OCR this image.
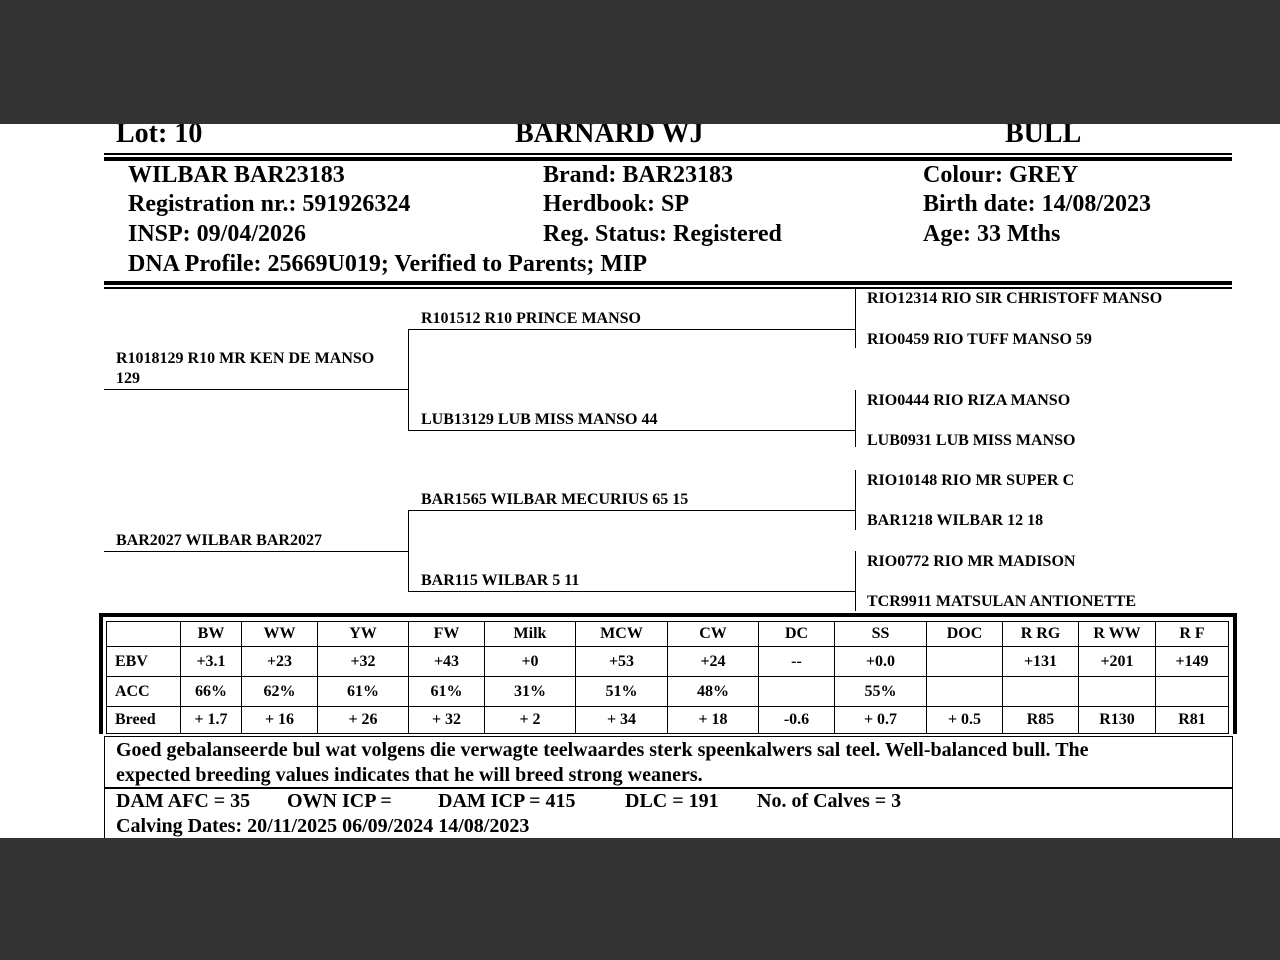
Lot: 10	BARNARD WJ	BULL
WILBAR BAR23183
Registration nr.: 591926324
INSP: 09/04/2026
DNA Profile: 25669U019; Verified to Parents; MIP
Brand: BAR23183
Herdbook: SP
Reg. Status: Registered
Colour: GREY
Birth date: 14/08/2023
Age: 33 Mths
R1018129 R10 MR KEN DE MANSO
129
BAR2027 WILBAR BAR2027
R101512 R10 PRINCE MANSO
LUB13129 LUB MISS MANSO 44
BAR1565 WILBAR MECURIUS 65 15
BAR115 WILBAR 5 11
RIO12314 RIO SIR CHRISTOFF MANSO
RIO0459 RIO TUFF MANSO 59
RIO0444 RIO RIZA MANSO
LUB0931 LUB MISS MANSO
RIO10148 RIO MR SUPER C
BAR1218 WILBAR 12 18
RIO0772 RIO MR MADISON
TCR9911 MATSULAN ANTIONETTE
	BW	WW	YW	FW	Milk	MCW	CW	DC	SS	DOC	R RG	R WW	R F
EBV	+3.1	+23	+32	+43	+0	+53	+24	--	+0.0		+131	+201	+149
ACC	66%	62%	61%	61%	31%	51%	48%		55%				
Breed	+ 1.7	+ 16	+ 26	+ 32	+ 2	+ 34	+ 18	-0.6	+ 0.7	+ 0.5	R85	R130	R81
Goed gebalanseerde bul wat volgens die verwagte teelwaardes sterk speenkalwers sal teel. Well-balanced bull. The
expected breeding values indicates that he will breed strong weaners.
DAM AFC = 35 OWN ICP = DAM ICP = 415 DLC = 191 No. of Calves = 3
Calving Dates: 20/11/2025 06/09/2024 14/08/2023
